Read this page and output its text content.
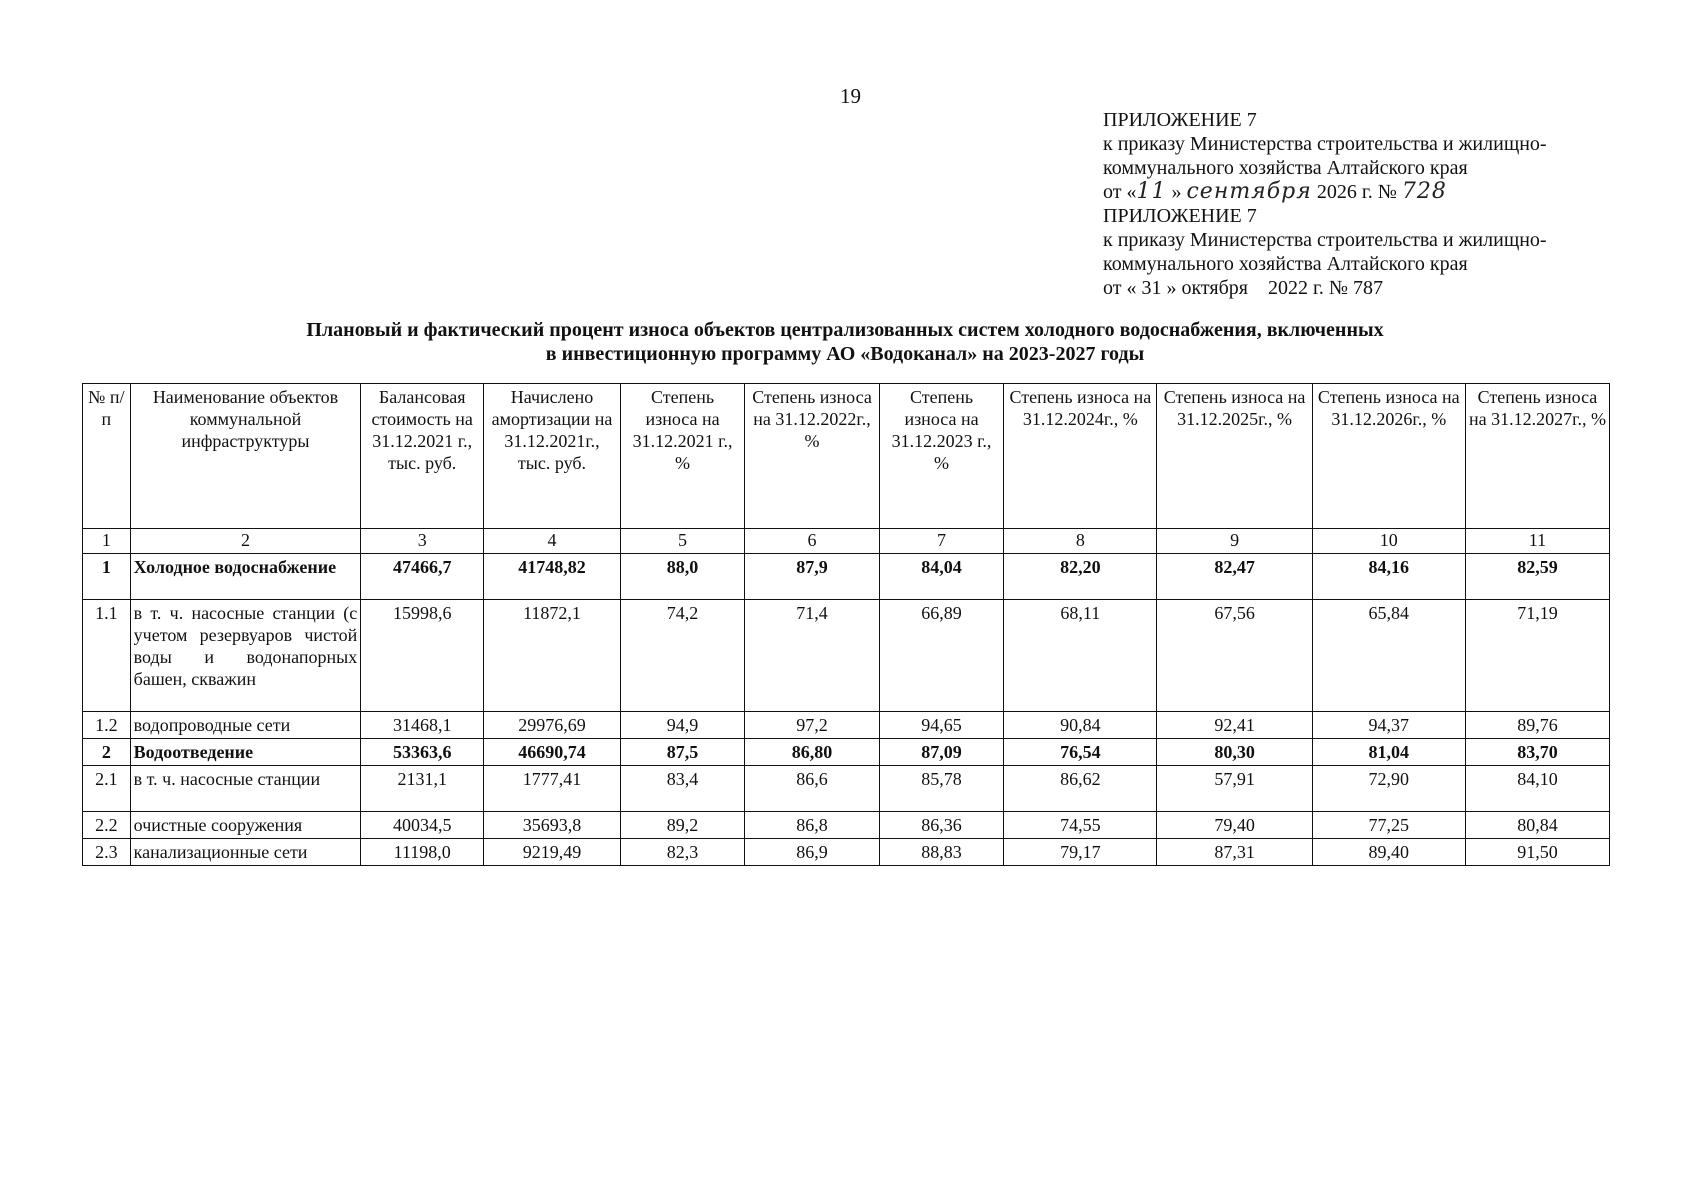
19
ПРИЛОЖЕНИЕ 7
к приказу Министерства строительства и жилищно-
коммунального хозяйства Алтайского края
от «11 » сентября 2026 г. № 728
ПРИЛОЖЕНИЕ 7
к приказу Министерства строительства и жилищно-
коммунального хозяйства Алтайского края
от « 31 » октября    2022 г. № 787
Плановый и фактический процент износа объектов централизованных систем холодного водоснабжения, включенных
в инвестиционную программу АО «Водоканал» на 2023-2027 годы
№ п/п	Наименование объектов коммунальной инфраструктуры	Балансовая стоимость на 31.12.2021 г., тыс. руб.	Начислено амортизации на 31.12.2021г., тыс. руб.	Степень износа на 31.12.2021 г., %	Степень износа на 31.12.2022г., %	Степень износа на 31.12.2023 г., %	Степень износа на 31.12.2024г., %	Степень износа на 31.12.2025г., %	Степень износа на 31.12.2026г., %	Степень износа на 31.12.2027г., %
1	2	3	4	5	6	7	8	9	10	11
1	Холодное водоснабжение	47466,7	41748,82	88,0	87,9	84,04	82,20	82,47	84,16	82,59
1.1	в т. ч. насосные станции (с учетом резервуаров чистой воды и водонапорных башен, скважин	15998,6	11872,1	74,2	71,4	66,89	68,11	67,56	65,84	71,19
1.2	водопроводные сети	31468,1	29976,69	94,9	97,2	94,65	90,84	92,41	94,37	89,76
2	Водоотведение	53363,6	46690,74	87,5	86,80	87,09	76,54	80,30	81,04	83,70
2.1	в т. ч. насосные станции	2131,1	1777,41	83,4	86,6	85,78	86,62	57,91	72,90	84,10
2.2	очистные сооружения	40034,5	35693,8	89,2	86,8	86,36	74,55	79,40	77,25	80,84
2.3	канализационные сети	11198,0	9219,49	82,3	86,9	88,83	79,17	87,31	89,40	91,50
